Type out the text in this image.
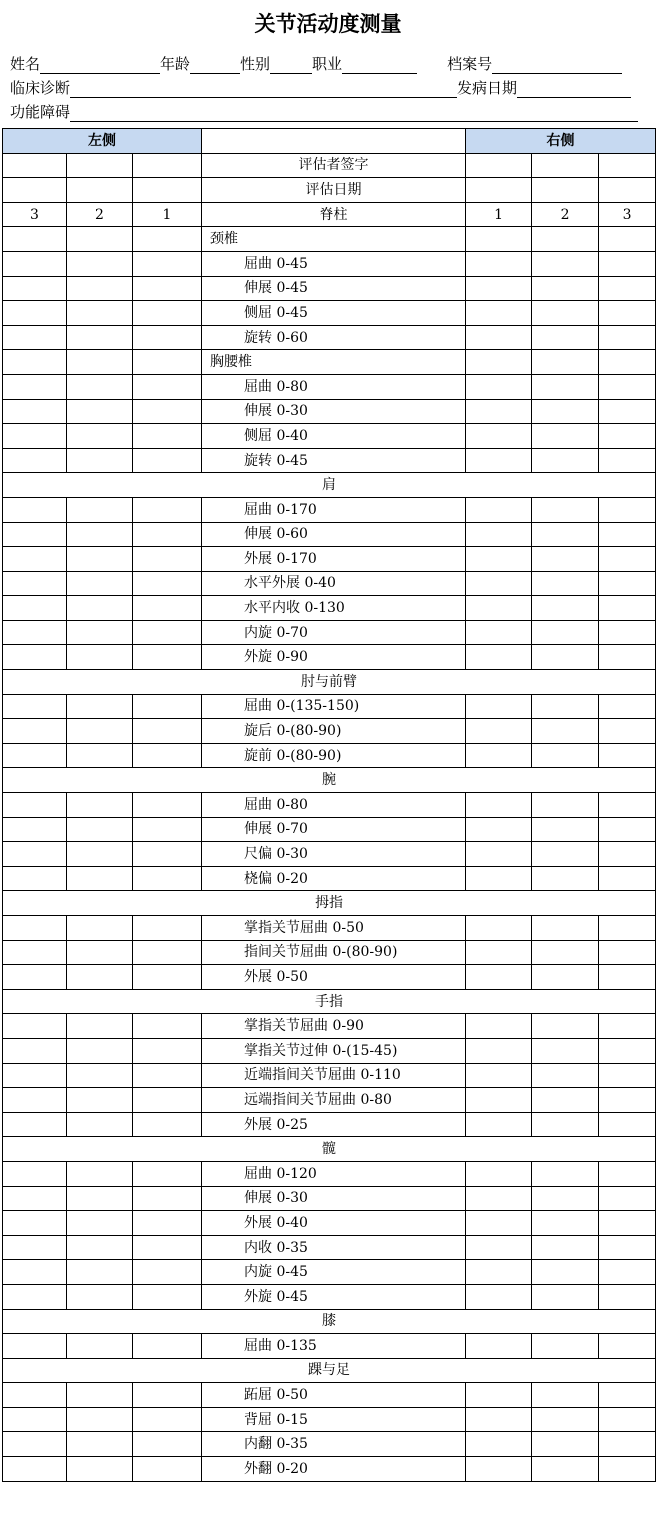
关节活动度测量
姓名	年龄	性别	职业	档案号
临床诊断	发病日期
功能障碍
左侧				右侧		
			评估者签字			
			评估日期			
3	2	1	脊柱	1	2	3
			颈椎			
			屈曲 0-45			
			伸展 0-45			
			侧屈 0-45			
			旋转 0-60			
			胸腰椎			
			屈曲 0-80			
			伸展 0-30			
			侧屈 0-40			
			旋转 0-45			
肩						
			屈曲 0-170			
			伸展 0-60			
			外展 0-170			
			水平外展 0-40			
			水平内收 0-130			
			内旋 0-70			
			外旋 0-90			
肘与前臂						
			屈曲 0-(135-150)			
			旋后 0-(80-90)			
			旋前 0-(80-90)			
腕						
			屈曲 0-80			
			伸展 0-70			
			尺偏 0-30			
			桡偏 0-20			
拇指						
			掌指关节屈曲 0-50			
			指间关节屈曲 0-(80-90)			
			外展 0-50			
手指						
			掌指关节屈曲 0-90			
			掌指关节过伸 0-(15-45)			
			近端指间关节屈曲 0-110			
			远端指间关节屈曲 0-80			
			外展 0-25			
髋						
			屈曲 0-120			
			伸展 0-30			
			外展 0-40			
			内收 0-35			
			内旋 0-45			
			外旋 0-45			
膝						
			屈曲 0-135			
踝与足						
			跖屈 0-50			
			背屈 0-15			
			内翻 0-35			
			外翻 0-20			
